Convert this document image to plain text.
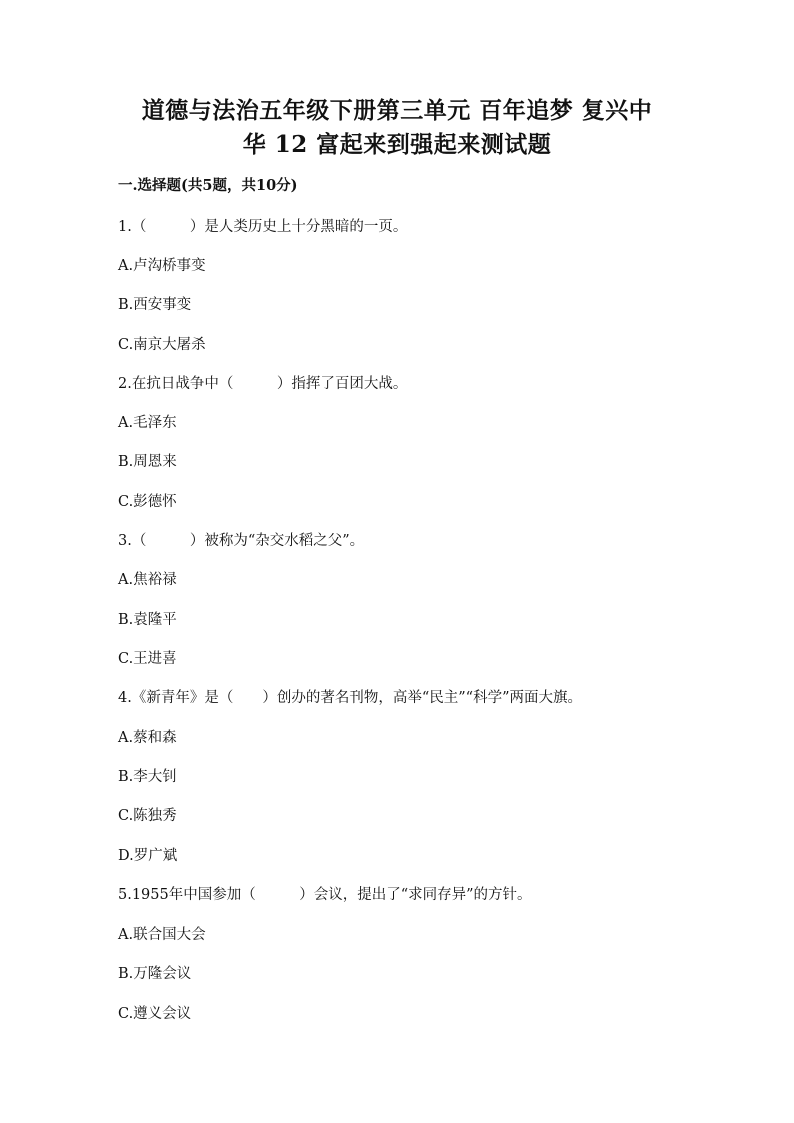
道德与法治五年级下册第三单元 百年追梦 复兴中
华 12 富起来到强起来测试题
一.选择题(共5题，共10分)
1.（　　　）是人类历史上十分黑暗的一页。
A.卢沟桥事变
B.西安事变
C.南京大屠杀
2.在抗日战争中（　　　）指挥了百团大战。
A.毛泽东
B.周恩来
C.彭德怀
3.（　　　）被称为“杂交水稻之父”。
A.焦裕禄
B.袁隆平
C.王进喜
4.《新青年》是（　　）创办的著名刊物，高举“民主”“科学”两面大旗。
A.蔡和森
B.李大钊
C.陈独秀
D.罗广斌
5.1955年中国参加（　　　）会议，提出了“求同存异”的方针。
A.联合国大会
B.万隆会议
C.遵义会议
